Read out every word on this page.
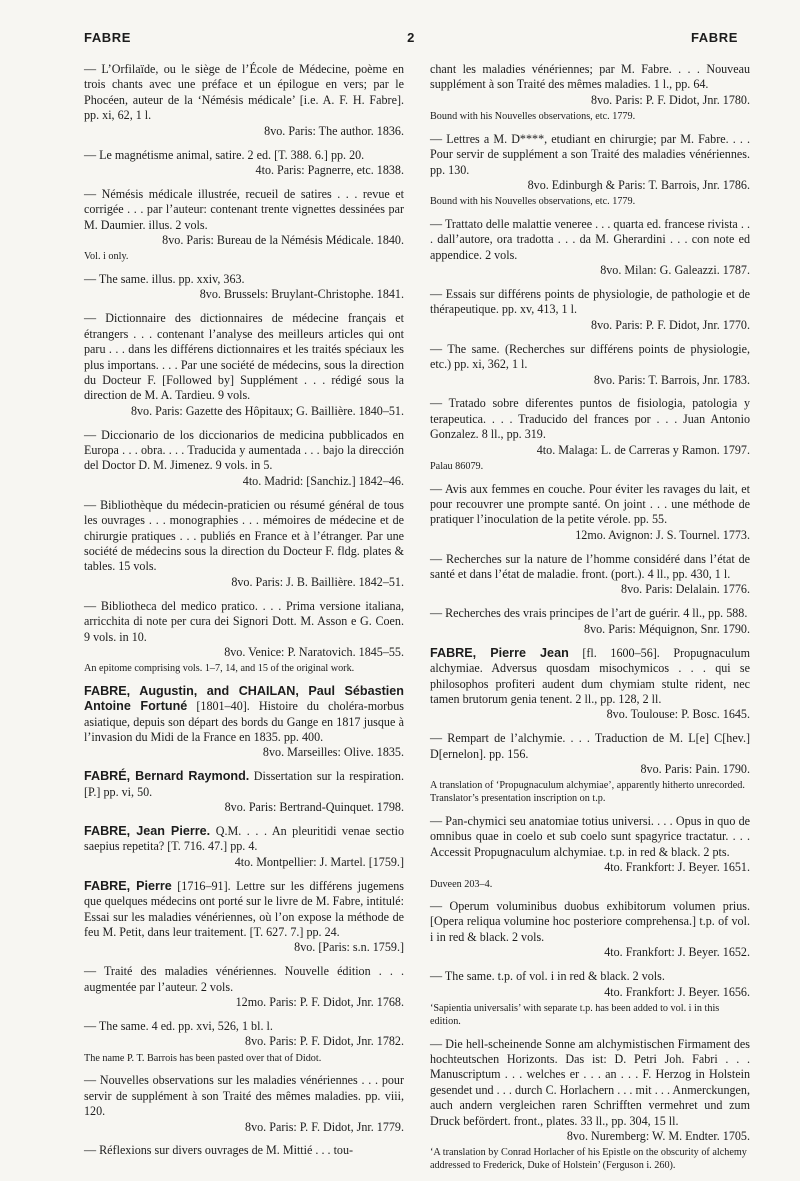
FABRE	2	FABRE
— L’Orfilaïde, ou le siège de l’École de Médecine, poème en trois chants avec une préface et un épilogue en vers; par le Phocéen, auteur de la ‘Némésis médicale’ [i.e. A. F. H. Fabre]. pp. xi, 62, 1 l.
8vo. Paris: The author. 1836.
— Le magnétisme animal, satire. 2 ed. [T. 388. 6.] pp. 20.
4to. Paris: Pagnerre, etc. 1838.
— Némésis médicale illustrée, recueil de satires . . . revue et corrigée . . . par l’auteur: contenant trente vignettes dessinées par M. Daumier. illus. 2 vols.
8vo. Paris: Bureau de la Némésis Médicale. 1840.
Vol. i only.
— The same. illus. pp. xxiv, 363.
8vo. Brussels: Bruylant-Christophe. 1841.
— Dictionnaire des dictionnaires de médecine français et étrangers . . . contenant l’analyse des meilleurs articles qui ont paru . . . dans les différens dictionnaires et les traités spéciaux les plus importans. . . . Par une société de médecins, sous la direction du Docteur F. [Followed by] Supplément . . . rédigé sous la direction de M. A. Tardieu. 9 vols.
8vo. Paris: Gazette des Hôpitaux; G. Baillière. 1840–51.
— Diccionario de los diccionarios de medicina pubblicados en Europa . . . obra. . . . Traducida y aumentada . . . bajo la dirección del Doctor D. M. Jimenez. 9 vols. in 5.
4to. Madrid: [Sanchiz.] 1842–46.
— Bibliothèque du médecin-praticien ou résumé général de tous les ouvrages . . . monographies . . . mémoires de médecine et de chirurgie pratiques . . . publiés en France et à l’étranger. Par une société de médecins sous la direction du Docteur F. fldg. plates & tables. 15 vols.
8vo. Paris: J. B. Baillière. 1842–51.
— Bibliotheca del medico pratico. . . . Prima versione italiana, arricchita di note per cura dei Signori Dott. M. Asson e G. Coen. 9 vols. in 10.
8vo. Venice: P. Naratovich. 1845–55.
An epitome comprising vols. 1–7, 14, and 15 of the original work.
FABRE, Augustin, and CHAILAN, Paul Sébastien Antoine Fortuné [1801–40]. Histoire du choléra-morbus asiatique, depuis son départ des bords du Gange en 1817 jusque à l’invasion du Midi de la France en 1835. pp. 400.
8vo. Marseilles: Olive. 1835.
FABRÉ, Bernard Raymond. Dissertation sur la respiration. [P.] pp. vi, 50.
8vo. Paris: Bertrand-Quinquet. 1798.
FABRE, Jean Pierre. Q.M. . . . An pleuritidi venae sectio saepius repetita? [T. 716. 47.] pp. 4.
4to. Montpellier: J. Martel. [1759.]
FABRE, Pierre [1716–91]. Lettre sur les différens jugemens que quelques médecins ont porté sur le livre de M. Fabre, intitulé: Essai sur les maladies vénériennes, où l’on expose la méthode de feu M. Petit, dans leur traitement. [T. 627. 7.] pp. 24.
8vo. [Paris: s.n. 1759.]
— Traité des maladies vénériennes. Nouvelle édition . . . augmentée par l’auteur. 2 vols.
12mo. Paris: P. F. Didot, Jnr. 1768.
— The same. 4 ed. pp. xvi, 526, 1 bl. l.
8vo. Paris: P. F. Didot, Jnr. 1782.
The name P. T. Barrois has been pasted over that of Didot.
— Nouvelles observations sur les maladies vénériennes . . . pour servir de supplément à son Traité des mêmes maladies. pp. viii, 120.
8vo. Paris: P. F. Didot, Jnr. 1779.
— Réflexions sur divers ouvrages de M. Mittié . . . tou-
chant les maladies vénériennes; par M. Fabre. . . . Nouveau supplément à son Traité des mêmes maladies. 1 l., pp. 64.
8vo. Paris: P. F. Didot, Jnr. 1780.
Bound with his Nouvelles observations, etc. 1779.
— Lettres a M. D****, etudiant en chirurgie; par M. Fabre. . . . Pour servir de supplément a son Traité des maladies vénériennes. pp. 130.
8vo. Edinburgh & Paris: T. Barrois, Jnr. 1786.
Bound with his Nouvelles observations, etc. 1779.
— Trattato delle malattie veneree . . . quarta ed. francese rivista . . . dall’autore, ora tradotta . . . da M. Gherardini . . . con note ed appendice. 2 vols.
8vo. Milan: G. Galeazzi. 1787.
— Essais sur différens points de physiologie, de pathologie et de thérapeutique. pp. xv, 413, 1 l.
8vo. Paris: P. F. Didot, Jnr. 1770.
— The same. (Recherches sur différens points de physiologie, etc.) pp. xi, 362, 1 l.
8vo. Paris: T. Barrois, Jnr. 1783.
— Tratado sobre diferentes puntos de fisiologia, patologia y terapeutica. . . . Traducido del frances por . . . Juan Antonio Gonzalez. 8 ll., pp. 319.
4to. Malaga: L. de Carreras y Ramon. 1797.
Palau 86079.
— Avis aux femmes en couche. Pour éviter les ravages du lait, et pour recouvrer une prompte santé. On joint . . . une méthode de pratiquer l’inoculation de la petite vérole. pp. 55.
12mo. Avignon: J. S. Tournel. 1773.
— Recherches sur la nature de l’homme considéré dans l’état de santé et dans l’état de maladie. front. (port.). 4 ll., pp. 430, 1 l.
8vo. Paris: Delalain. 1776.
— Recherches des vrais principes de l’art de guérir. 4 ll., pp. 588.
8vo. Paris: Méquignon, Snr. 1790.
FABRE, Pierre Jean [fl. 1600–56]. Propugnaculum alchymiae. Adversus quosdam misochymicos . . . qui se philosophos profiteri audent dum chymiam stulte rident, nec tamen brutorum genia tenent. 2 ll., pp. 128, 2 ll.
8vo. Toulouse: P. Bosc. 1645.
— Rempart de l’alchymie. . . . Traduction de M. L[e] C[hev.] D[ernelon]. pp. 156.
8vo. Paris: Pain. 1790.
A translation of ‘Propugnaculum alchymiae’, apparently hitherto unrecorded. Translator’s presentation inscription on t.p.
— Pan-chymici seu anatomiae totius universi. . . . Opus in quo de omnibus quae in coelo et sub coelo sunt spagyrice tractatur. . . . Accessit Propugnaculum alchymiae. t.p. in red & black. 2 pts.
4to. Frankfort: J. Beyer. 1651.
Duveen 203–4.
— Operum voluminibus duobus exhibitorum volumen prius. [Opera reliqua volumine hoc posteriore comprehensa.] t.p. of vol. i in red & black. 2 vols.
4to. Frankfort: J. Beyer. 1652.
— The same. t.p. of vol. i in red & black. 2 vols.
4to. Frankfort: J. Beyer. 1656.
‘Sapientia universalis’ with separate t.p. has been added to vol. i in this edition.
— Die hell-scheinende Sonne am alchymistischen Firmament des hochteutschen Horizonts. Das ist: D. Petri Joh. Fabri . . . Manuscriptum . . . welches er . . . an . . . F. Herzog in Holstein gesendet und . . . durch C. Horlachern . . . mit . . . Anmerckungen, auch andern vergleichen raren Schrifften vermehret und zum Druck befördert. front., plates. 33 ll., pp. 304, 15 ll.
8vo. Nuremberg: W. M. Endter. 1705.
‘A translation by Conrad Horlacher of his Epistle on the obscurity of alchemy addressed to Frederick, Duke of Holstein’ (Ferguson i. 260).
